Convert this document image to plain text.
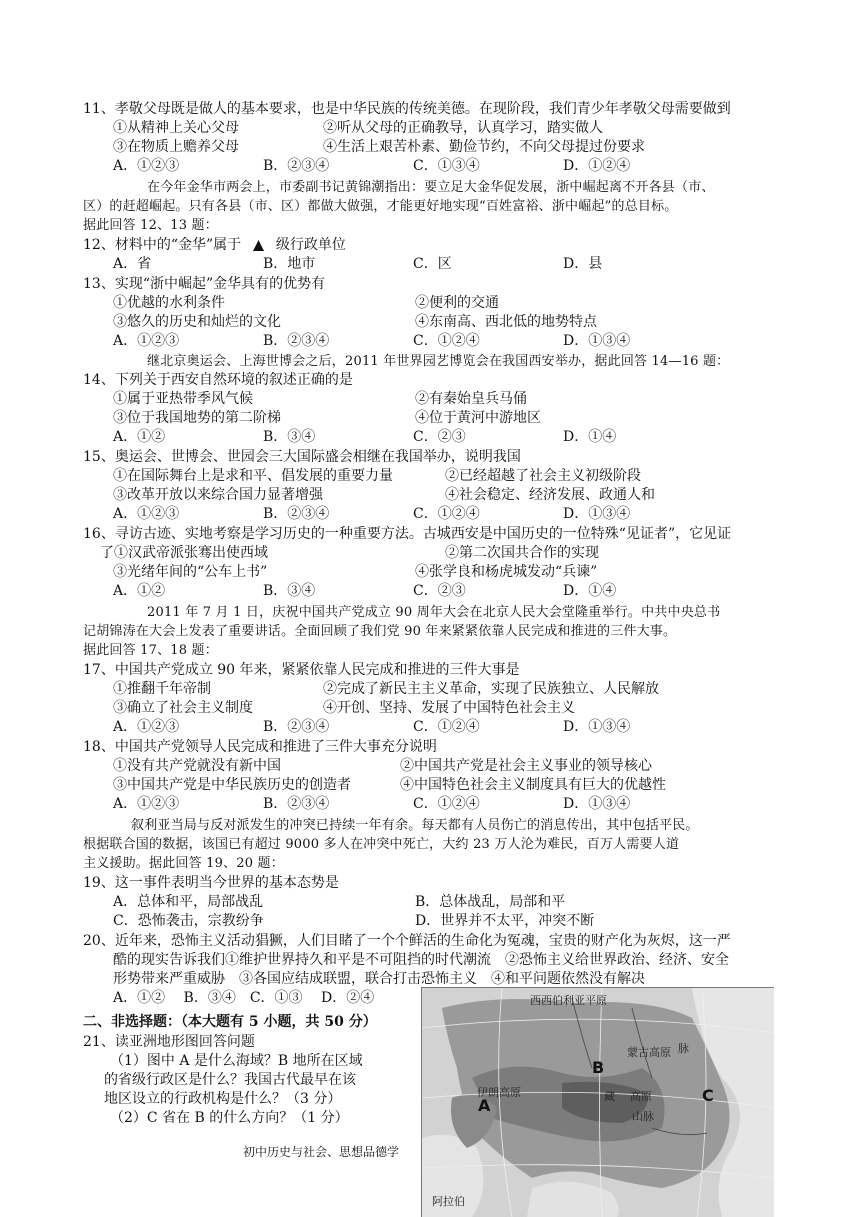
11、孝敬父母既是做人的基本要求，也是中华民族的传统美德。在现阶段，我们青少年孝敬父母需要做到
①从精神上关心父母	②听从父母的正确教导，认真学习，踏实做人
③在物质上赡养父母	④生活上艰苦朴素、勤俭节约，不向父母提过份要求
A．①②③	B．②③④	C．①③④	D．①②④
在今年金华市两会上，市委副书记黄锦潮指出：要立足大金华促发展，浙中崛起离不开各县（市、
区）的赶超崛起。只有各县（市、区）都做大做强，才能更好地实现“百姓富裕、浙中崛起”的总目标。
据此回答 12、13 题：
12、材料中的“金华”属于 ▲ 级行政单位
A．省	B．地市	C．区	D．县
13、实现“浙中崛起”金华具有的优势有
①优越的水利条件	②便利的交通
③悠久的历史和灿烂的文化	④东南高、西北低的地势特点
A．①②③	B．②③④	C．①②④	D．①③④
继北京奥运会、上海世博会之后，2011 年世界园艺博览会在我国西安举办，据此回答 14—16 题：
14、下列关于西安自然环境的叙述正确的是
①属于亚热带季风气候	②有秦始皇兵马俑
③位于我国地势的第二阶梯	④位于黄河中游地区
A．①②	B．③④	C．②③	D．①④
15、奥运会、世博会、世园会三大国际盛会相继在我国举办，说明我国
①在国际舞台上是求和平、倡发展的重要力量	②已经超越了社会主义初级阶段
③改革开放以来综合国力显著增强	④社会稳定、经济发展、政通人和
A．①②③	B．②③④	C．①②④	D．①③④
16、寻访古迹、实地考察是学习历史的一种重要方法。古城西安是中国历史的一位特殊“见证者”，它见证
了①汉武帝派张骞出使西域	②第二次国共合作的实现
③光绪年间的“公车上书”	④张学良和杨虎城发动“兵谏”
A．①②	B．③④	C．②③	D．①④
2011 年 7 月 1 日，庆祝中国共产党成立 90 周年大会在北京人民大会堂隆重举行。中共中央总书
记胡锦涛在大会上发表了重要讲话。全面回顾了我们党 90 年来紧紧依靠人民完成和推进的三件大事。
据此回答 17、18 题：
17、中国共产党成立 90 年来，紧紧依靠人民完成和推进的三件大事是
①推翻千年帝制	②完成了新民主主义革命，实现了民族独立、人民解放
③确立了社会主义制度	④开创、坚持、发展了中国特色社会主义
A．①②③	B．②③④	C．①②④	D．①③④
18、中国共产党领导人民完成和推进了三件大事充分说明
①没有共产党就没有新中国	②中国共产党是社会主义事业的领导核心
③中国共产党是中华民族历史的创造者	④中国特色社会主义制度具有巨大的优越性
A．①②③	B．②③④	C．①②④	D．①③④
叙利亚当局与反对派发生的冲突已持续一年有余。每天都有人员伤亡的消息传出，其中包括平民。
根据联合国的数据，该国已有超过 9000 多人在冲突中死亡，大约 23 万人沦为难民，百万人需要人道
主义援助。据此回答 19、20 题：
19、这一事件表明当今世界的基本态势是
A．总体和平，局部战乱	B．总体战乱，局部和平
C．恐怖袭击，宗教纷争	D．世界并不太平，冲突不断
20、近年来，恐怖主义活动猖獗，人们目睹了一个个鲜活的生命化为冤魂，宝贵的财产化为灰烬，这一严
酷的现实告诉我们①维护世界持久和平是不可阻挡的时代潮流　②恐怖主义给世界政治、经济、安全
形势带来严重威胁　③各国应结成联盟，联合打击恐怖主义　④和平问题依然没有解决
A．①②　 B．③④　C．①③　 D．②④
二、非选择题：（本大题有 5 小题，共 50 分）
21、读亚洲地形图回答问题
（1）图中 A 是什么海域？B 地所在区域
的省级行政区是什么？我国古代最早在该
地区设立的行政机构是什么？（3 分）
（2）C 省在 B 的什么方向？（1 分）
初中历史与社会、思想品德学
西西伯利亚平原
脉
蒙古高原
伊朗高原	高原
藏
山脉
阿拉伯
A
B
C
